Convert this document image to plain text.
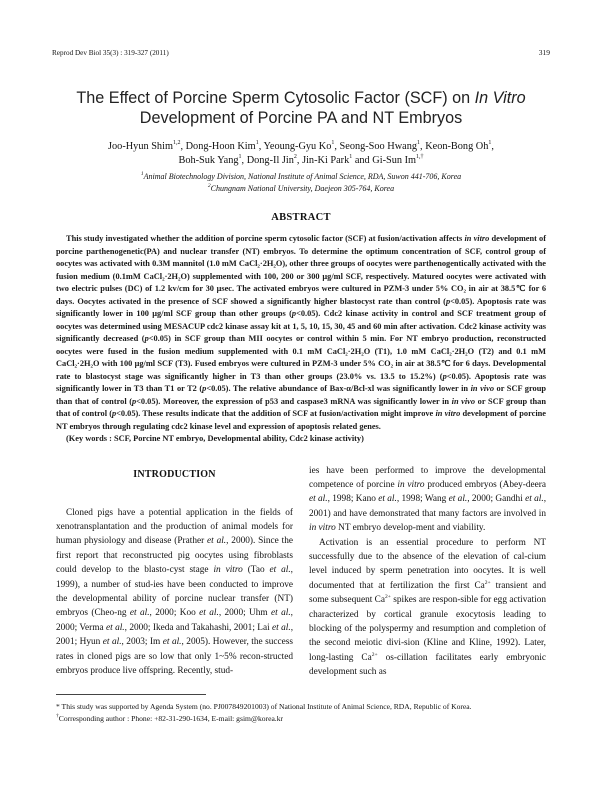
Reprod Dev Biol 35(3) : 319-327 (2011)	319
The Effect of Porcine Sperm Cytosolic Factor (SCF) on In Vitro
Development of Porcine PA and NT Embryos
Joo-Hyun Shim$^{1,2}$, Dong-Hoon Kim$^1$, Yeoung-Gyu Ko$^1$, Seong-Soo Hwang$^1$, Keon-Bong Oh$^1$,
Boh-Suk Yang$^1$, Dong-Il Jin$^2$, Jin-Ki Park$^1$ and Gi-Sun $Im^{1,\dagger}$
$^1$Animal Biotechnology Division, National Institute of Animal Science, RDA, Suwon 441-706, Korea
$^2$Chungnam National University, Daejeon 305-764, Korea
ABSTRACT

This study investigated whether the addition of porcine sperm cytosolic factor (SCF) at fusion/activation affects in vitro development of porcine parthenogenetic(PA) and nuclear transfer (NT) embryos. To determine the optimum concentration of SCF, control group of oocytes was activated with 0.3M mannitol (1.0 mM CaCl₂·2H₂O), other three groups of oocytes were parthenogentically activated with the fusion medium (0.1mM CaCl₂·2H₂O) supplemented with 100, 200 or 300 μg/ml SCF, respectively. Matured oocytes were activated with two electric pulses (DC) of 1.2 kv/cm for 30 μsec. The activated embryos were cultured in PZM-3 under 5% CO₂ in air at 38.5℃ for 6 days. Oocytes activated in the presence of SCF showed a significantly higher blastocyst rate than control (p<0.05). Apoptosis rate was significantly lower in 100 μg/ml SCF group than other groups (p<0.05). Cdc2 kinase activity in control and SCF treatment group of oocytes was determined using MESACUP cdc2 kinase assay kit at 1, 5, 10, 15, 30, 45 and 60 min after activation. Cdc2 kinase activity was significantly decreased (p<0.05) in SCF group than MII oocytes or control within 5 min. For NT embryo production, reconstructed oocytes were fused in the fusion medium supplemented with 0.1 mM CaCl₂·2H₂O (T1), 1.0 mM CaCl₂·2H₂O (T2) and 0.1 mM CaCl₂·2H₂O with 100 μg/ml SCF (T3). Fused embryos were cultured in PZM-3 under 5% CO₂ in air at 38.5℃ for 6 days. Developmental rate to blastocyst stage was significantly higher in T3 than other groups (23.0% vs. 13.5 to 15.2%) (p<0.05). Apoptosis rate was significantly lower in T3 than T1 or T2 (p<0.05). The relative abundance of Bax-α/Bcl-xl was significantly lower in in vivo or SCF group than that of control (p<0.05). Moreover, the expression of p53 and caspase3 mRNA was significantly lower in in vivo or SCF group than that of control (p<0.05). These results indicate that the addition of SCF at fusion/activation might improve in vitro development of porcine NT embryos through regulating cdc2 kinase level and expression of apoptosis related genes.

(Key words : SCF, Porcine NT embryo, Developmental ability, Cdc2 kinase activity)

INTRODUCTION

Cloned pigs have a potential application in the fields of xenotransplantation and the production of animal models for human physiology and disease (Prather et al., 2000). Since the first report that reconstructed pig oocytes using fibroblasts could develop to the blasto-cyst stage in vitro (Tao et al., 1999), a number of stud-ies have been conducted to improve the developmental ability of porcine nuclear transfer (NT) embryos (Cheo-ng et al., 2000; Koo et al., 2000; Uhm et al., 2000; Verma et al., 2000; Ikeda and Takahashi, 2001; Lai et al., 2001; Hyun et al., 2003; Im et al., 2005). However, the success rates in cloned pigs are so low that only 1~5% recon-structed embryos produce live offspring. Recently, stud-

ies have been performed to improve the developmental competence of porcine in vitro produced embryos (Abey-deera et al., 1998; Kano et al., 1998; Wang et al., 2000; Gandhi et al., 2001) and have demonstrated that many factors are involved in in vitro NT embryo develop-ment and viability.

Activation is an essential procedure to perform NT successfully due to the absence of the elevation of cal-cium level induced by sperm penetration into oocytes. It is well documented that at fertilization the first $Ca^{2+}$ transient and some subsequent $Ca^{2+}$ spikes are respon-sible for egg activation characterized by cortical granule exocytosis leading to blocking of the polyspermy and resumption and completion of the second meiotic divi-sion (Kline and Kline, 1992). Later, long-lasting $Ca^{2+}$ os-cillation facilitates early embryonic development such as

* This study was supported by Agenda System (no. PJ007849201003) of National Institute of Animal Science, RDA, Republic of Korea.

†Corresponding author : Phone: +82-31-290-1634, E-mail: gsim@korea.kr
